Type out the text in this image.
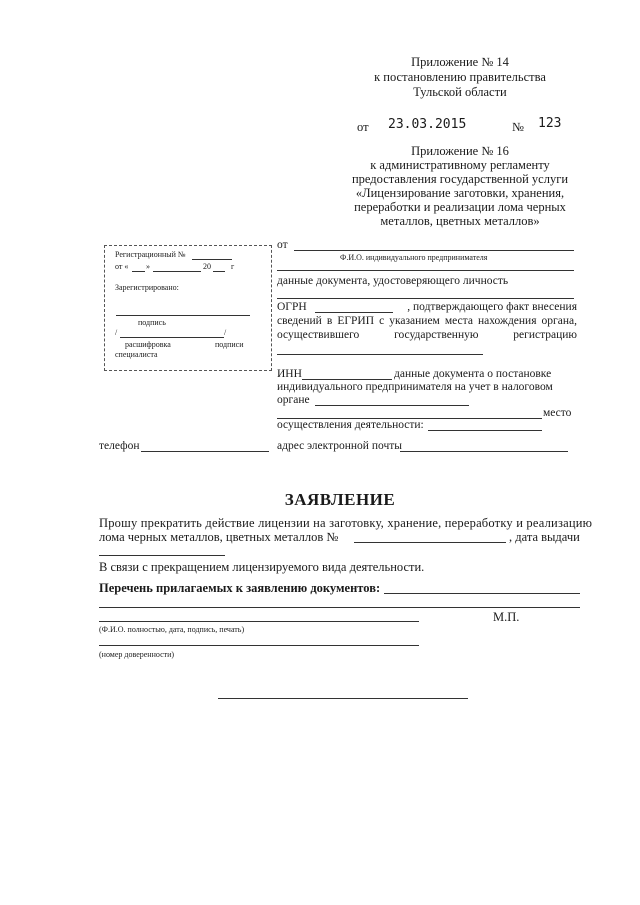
Приложение № 14
к постановлению правительства
Тульской области
от 23.03.2015	№ 123
Приложение № 16
к административному регламенту
предоставления государственной услуги
«Лицензирование заготовки, хранения,
переработки и реализации лома черных
металлов, цветных металлов»
Регистрационный №
от « »	20	г
Зарегистрировано:
подпись
/	/
расшифровка	подписи
специалиста
от
Ф.И.О. индивидуального предпринимателя
данные документа, удостоверяющего личность
ОГРН	, подтверждающего факт внесения
сведений в ЕГРИП с указанием места нахождения органа,
осуществившего	государственную	регистрацию
ИНН	данные документа о постановке
индивидуального предпринимателя на учет в налоговом
органе
место
осуществления деятельности:
телефон	адрес электронной почты
ЗАЯВЛЕНИЕ
Прошу прекратить действие лицензии на заготовку, хранение, переработку и реализацию
лома черных металлов, цветных металлов №	, дата выдачи
В связи с прекращением лицензируемого вида деятельности.
Перечень прилагаемых к заявлению документов:
М.П.
(Ф.И.О. полностью, дата, подпись, печать)
(номер доверенности)
